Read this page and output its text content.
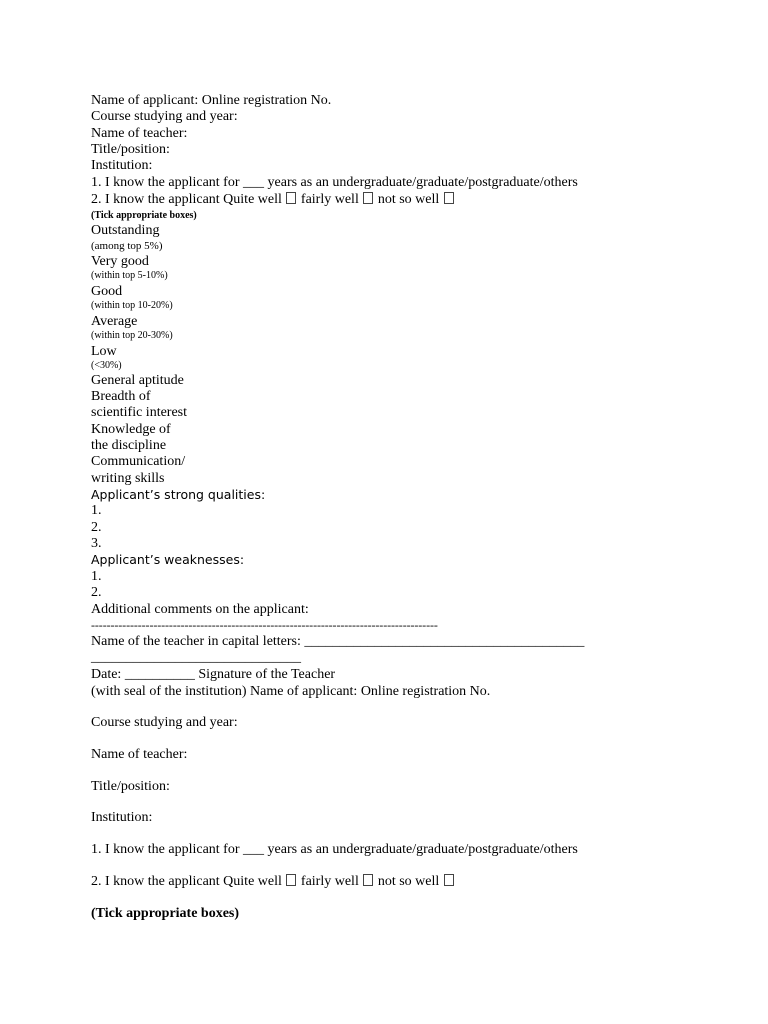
Name of applicant: Online registration No.
Course studying and year:
Name of teacher:
Title/position:
Institution:
1. I know the applicant for ___ years as an undergraduate/graduate/postgraduate/others
2. I know the applicant Quite well fairly well not so well
(Tick appropriate boxes)
Outstanding
(among top 5%)
Very good
(within top 5-10%)
Good
(within top 10-20%)
Average
(within top 20-30%)
Low
(<30%)
General aptitude
Breadth of
scientific interest
Knowledge of
the discipline
Communication/
writing skills
Applicant’s strong qualities:
1.
2.
3.
Applicant’s weaknesses:
1.
2.
Additional comments on the applicant:
-----------------------------------------------------------------------------------------
Name of the teacher in capital letters: ________________________________________
______________________________
Date: __________ Signature of the Teacher
(with seal of the institution) Name of applicant: Online registration No.
Course studying and year:
Name of teacher:
Title/position:
Institution:
1. I know the applicant for ___ years as an undergraduate/graduate/postgraduate/others
2. I know the applicant Quite well fairly well not so well
(Tick appropriate boxes)
